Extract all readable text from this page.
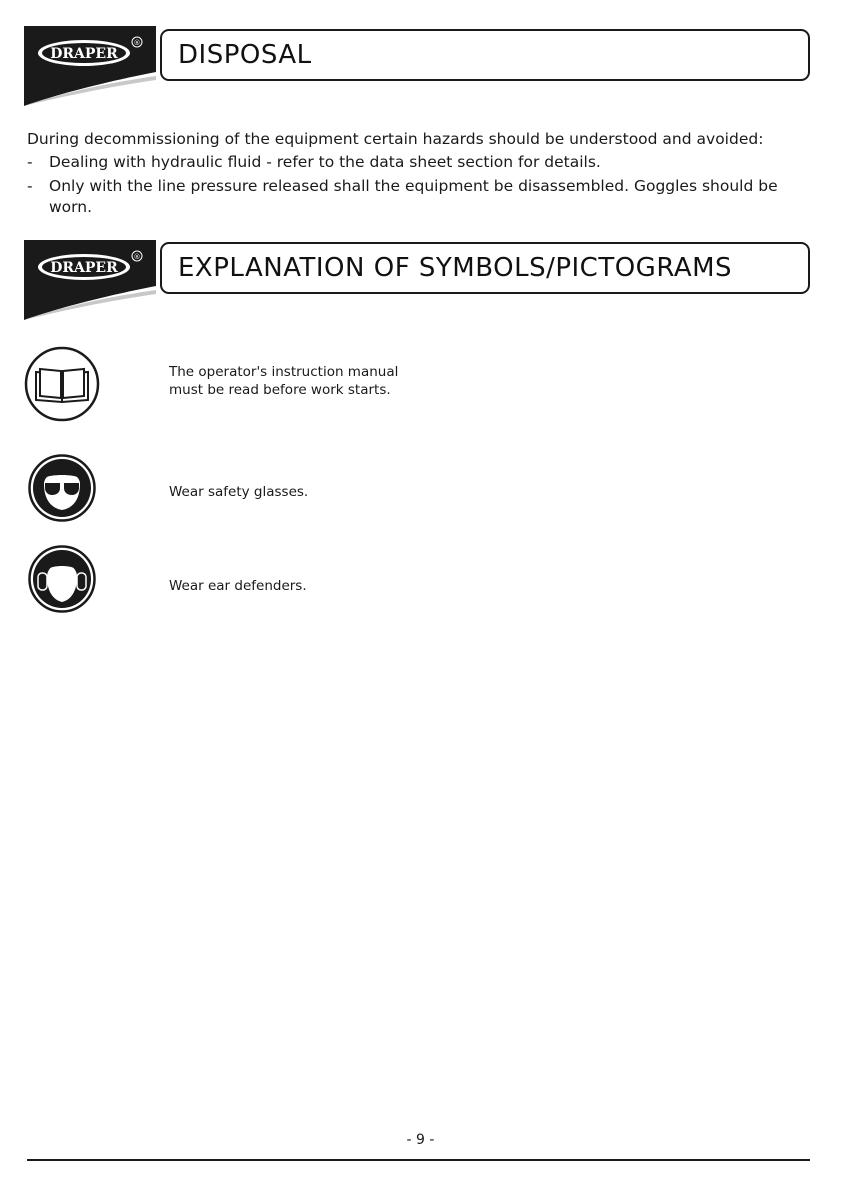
DRAPER
® DISPOSAL
During decommissioning of the equipment certain hazards should be understood and avoided:
-	Dealing with hydraulic fluid - refer to the data sheet section for details.
-	Only with the line pressure released shall the equipment be disassembled. Goggles should be worn.
DRAPER
® EXPLANATION OF SYMBOLS/PICTOGRAMS
The operator's instruction manual
must be read before work starts.
Wear safety glasses.
Wear ear defenders.
- 9 -
